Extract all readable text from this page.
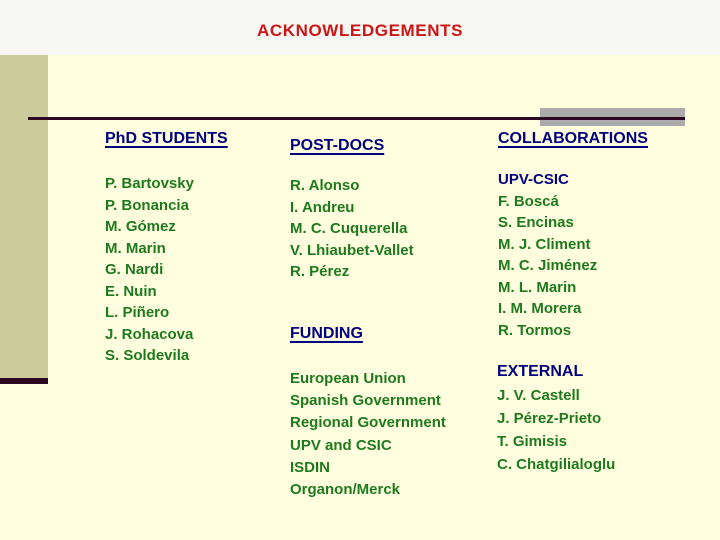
ACKNOWLEDGEMENTS
PhD STUDENTS
P. Bartovsky
P. Bonancia
M. Gómez
M. Marin
G. Nardi
E. Nuin
L. Piñero
J. Rohacova
S. Soldevila
POST-DOCS
R. Alonso
I. Andreu
M. C. Cuquerella
V. Lhiaubet-Vallet
R. Pérez
FUNDING
European Union
Spanish Government
Regional Government
UPV and CSIC
ISDIN
Organon/Merck
COLLABORATIONS
UPV-CSIC
F. Boscá
S. Encinas
M. J. Climent
M. C. Jiménez
M. L. Marin
I. M. Morera
R. Tormos
EXTERNAL
J. V. Castell
J. Pérez-Prieto
T. Gimisis
C. Chatgilialoglu
